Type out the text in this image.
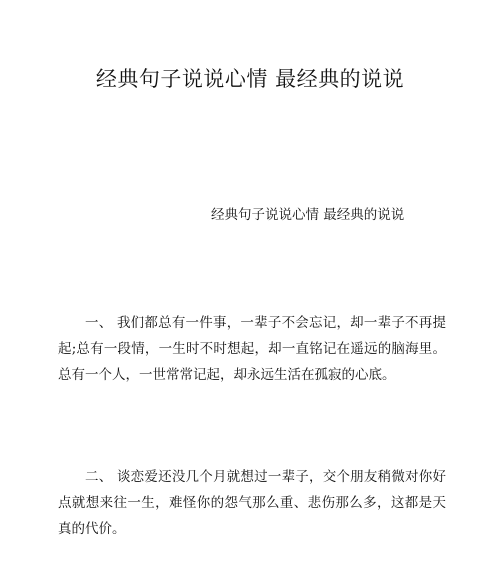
经典句子说说心情 最经典的说说

经典句子说说心情 最经典的说说

一、 我们都总有一件事，一辈子不会忘记，却一辈子不再提起;总有一段情，一生时不时想起，却一直铭记在遥远的脑海里。总有一个人，一世常常记起，却永远生活在孤寂的心底。

二、 谈恋爱还没几个月就想过一辈子，交个朋友稍微对你好点就想来往一生，难怪你的怨气那么重、悲伤那么多，这都是天真的代价。
